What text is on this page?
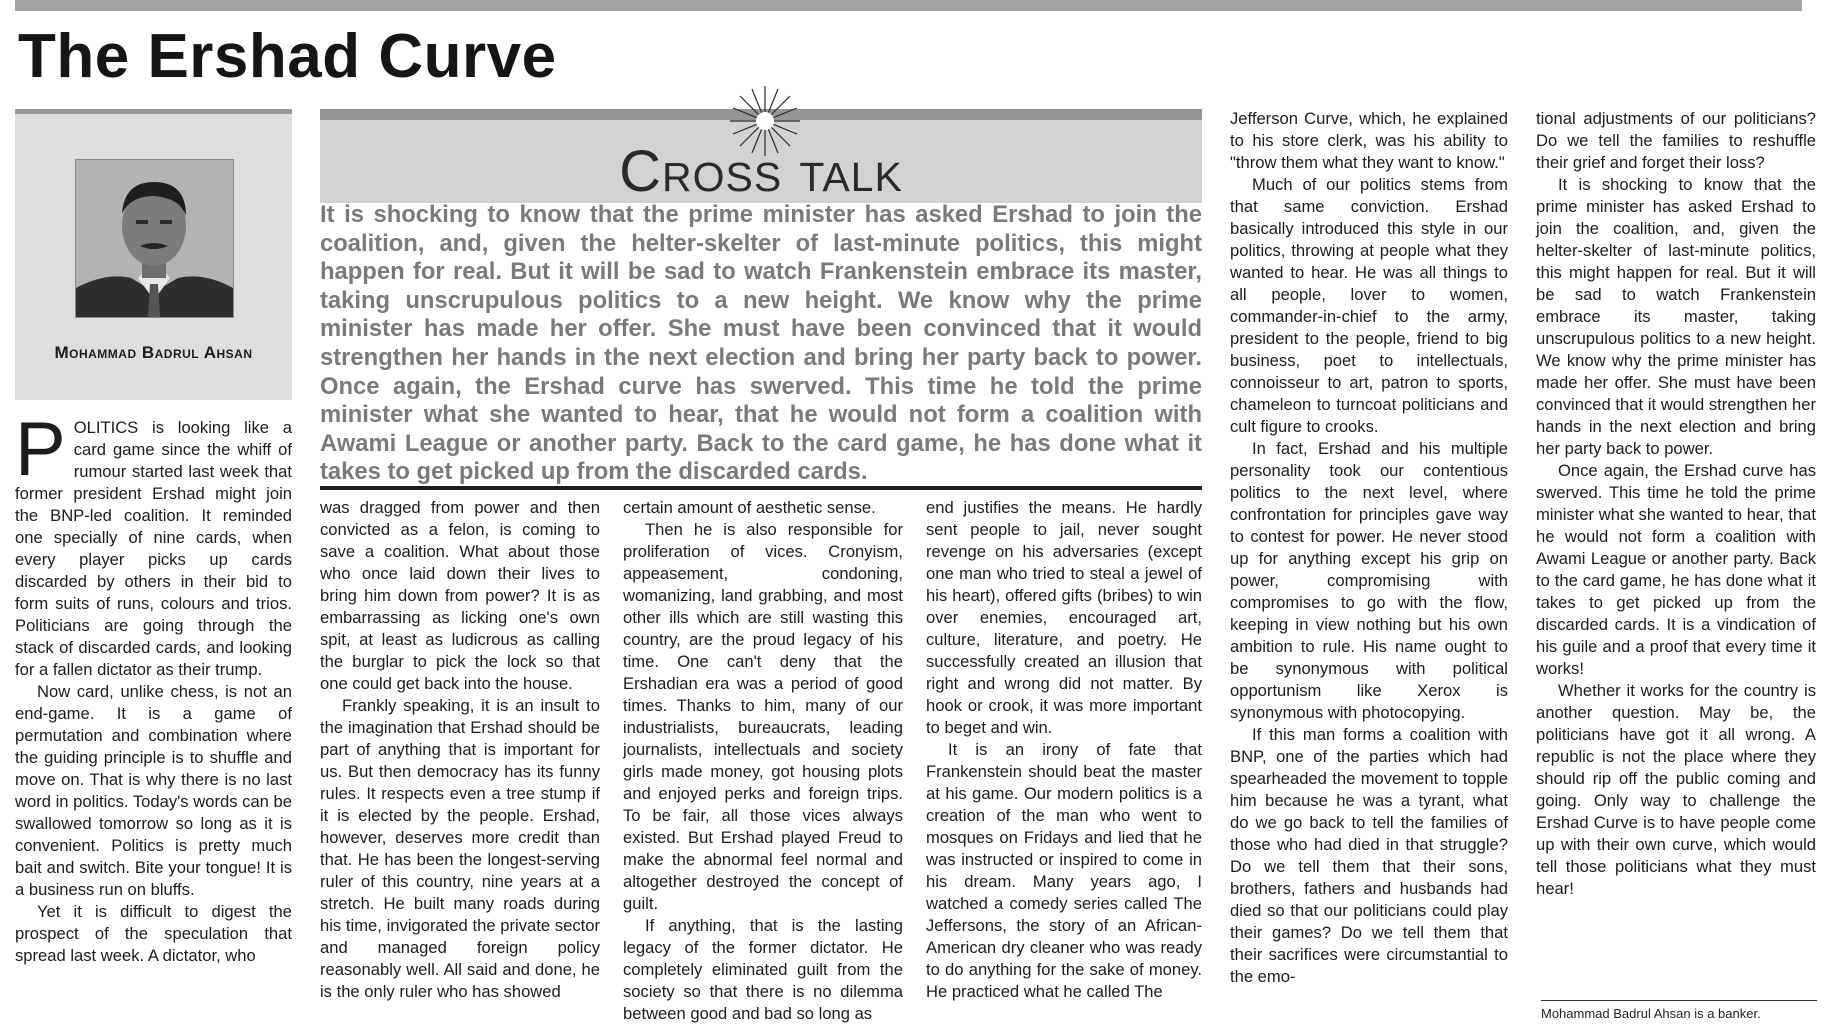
The Ershad Curve
Mohammad Badrul Ahsan
Cross talk
It is shocking to know that the prime minister has asked Ershad to join the coalition, and, given the helter-skelter of last-minute politics, this might happen for real. But it will be sad to watch Frankenstein embrace its master, taking unscrupulous politics to a new height. We know why the prime minister has made her offer. She must have been convinced that it would strengthen her hands in the next election and bring her party back to power. Once again, the Ershad curve has swerved. This time he told the prime minister what she wanted to hear, that he would not form a coalition with Awami League or another party. Back to the card game, he has done what it takes to get picked up from the discarded cards.

POLITICS is looking like a card game since the whiff of rumour started last week that former president Ershad might join the BNP-led coalition. It reminded one specially of nine cards, when every player picks up cards discarded by others in their bid to form suits of runs, colours and trios. Politicians are going through the stack of discarded cards, and looking for a fallen dictator as their trump.

Now card, unlike chess, is not an end-game. It is a game of permutation and combination where the guiding principle is to shuffle and move on. That is why there is no last word in politics. Today's words can be swallowed tomorrow so long as it is convenient. Politics is pretty much bait and switch. Bite your tongue! It is a business run on bluffs.

Yet it is difficult to digest the prospect of the speculation that spread last week. A dictator, who

was dragged from power and then convicted as a felon, is coming to save a coalition. What about those who once laid down their lives to bring him down from power? It is as embarrassing as licking one's own spit, at least as ludicrous as calling the burglar to pick the lock so that one could get back into the house.

Frankly speaking, it is an insult to the imagination that Ershad should be part of anything that is important for us. But then democracy has its funny rules. It respects even a tree stump if it is elected by the people. Ershad, however, deserves more credit than that. He has been the longest-serving ruler of this country, nine years at a stretch. He built many roads during his time, invigorated the private sector and managed foreign policy reasonably well. All said and done, he is the only ruler who has showed

certain amount of aesthetic sense.

Then he is also responsible for proliferation of vices. Cronyism, appeasement, condoning, womanizing, land grabbing, and most other ills which are still wasting this country, are the proud legacy of his time. One can't deny that the Ershadian era was a period of good times. Thanks to him, many of our industrialists, bureaucrats, leading journalists, intellectuals and society girls made money, got housing plots and enjoyed perks and foreign trips. To be fair, all those vices always existed. But Ershad played Freud to make the abnormal feel normal and altogether destroyed the concept of guilt.

If anything, that is the lasting legacy of the former dictator. He completely eliminated guilt from the society so that there is no dilemma between good and bad so long as

end justifies the means. He hardly sent people to jail, never sought revenge on his adversaries (except one man who tried to steal a jewel of his heart), offered gifts (bribes) to win over enemies, encouraged art, culture, literature, and poetry. He successfully created an illusion that right and wrong did not matter. By hook or crook, it was more important to beget and win.

It is an irony of fate that Frankenstein should beat the master at his game. Our modern politics is a creation of the man who went to mosques on Fridays and lied that he was instructed or inspired to come in his dream. Many years ago, I watched a comedy series called The Jeffersons, the story of an African-American dry cleaner who was ready to do anything for the sake of money. He practiced what he called The

Jefferson Curve, which, he explained to his store clerk, was his ability to "throw them what they want to know."

Much of our politics stems from that same conviction. Ershad basically introduced this style in our politics, throwing at people what they wanted to hear. He was all things to all people, lover to women, commander-in-chief to the army, president to the people, friend to big business, poet to intellectuals, connoisseur to art, patron to sports, chameleon to turncoat politicians and cult figure to crooks.

In fact, Ershad and his multiple personality took our contentious politics to the next level, where confrontation for principles gave way to contest for power. He never stood up for anything except his grip on power, compromising with compromises to go with the flow, keeping in view nothing but his own ambition to rule. His name ought to be synonymous with political opportunism like Xerox is synonymous with photocopying.

If this man forms a coalition with BNP, one of the parties which had spearheaded the movement to topple him because he was a tyrant, what do we go back to tell the families of those who had died in that struggle? Do we tell them that their sons, brothers, fathers and husbands had died so that our politicians could play their games? Do we tell them that their sacrifices were circumstantial to the emo-

tional adjustments of our politicians? Do we tell the families to reshuffle their grief and forget their loss?

It is shocking to know that the prime minister has asked Ershad to join the coalition, and, given the helter-skelter of last-minute politics, this might happen for real. But it will be sad to watch Frankenstein embrace its master, taking unscrupulous politics to a new height. We know why the prime minister has made her offer. She must have been convinced that it would strengthen her hands in the next election and bring her party back to power.

Once again, the Ershad curve has swerved. This time he told the prime minister what she wanted to hear, that he would not form a coalition with Awami League or another party. Back to the card game, he has done what it takes to get picked up from the discarded cards. It is a vindication of his guile and a proof that every time it works!

Whether it works for the country is another question. May be, the politicians have got it all wrong. A republic is not the place where they should rip off the public coming and going. Only way to challenge the Ershad Curve is to have people come up with their own curve, which would tell those politicians what they must hear!

Mohammad Badrul Ahsan is a banker.
